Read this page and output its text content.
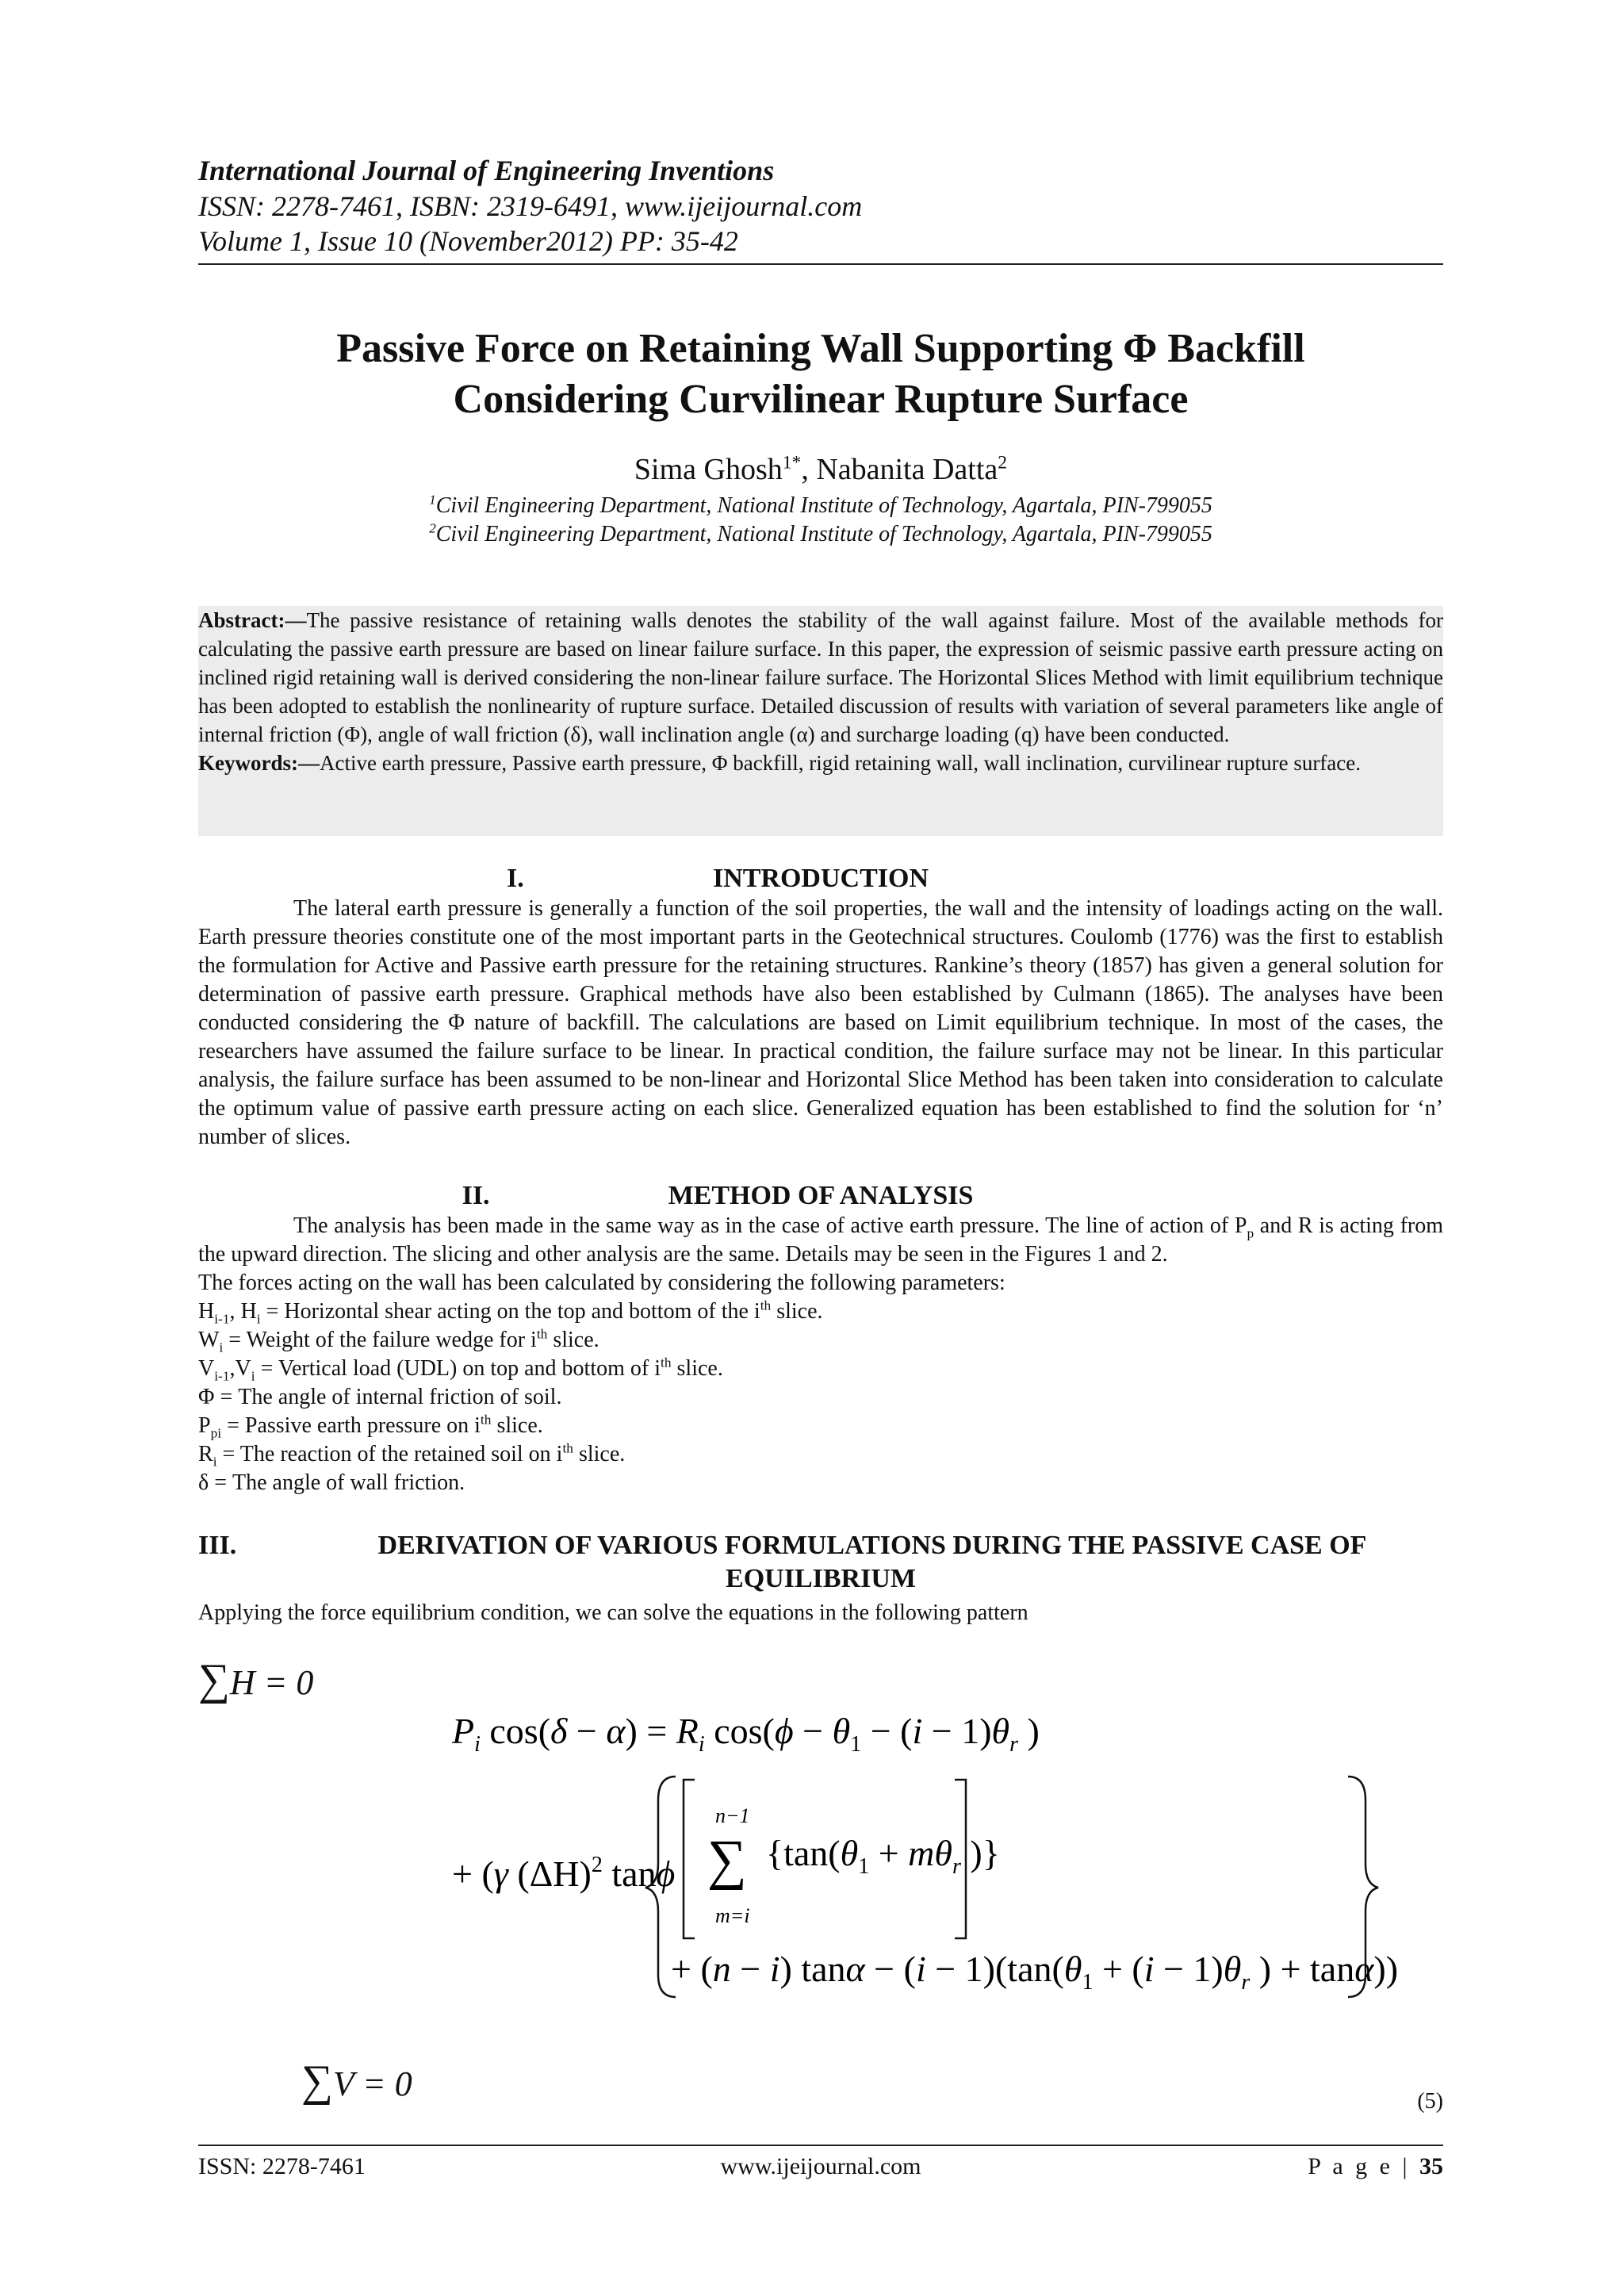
International Journal of Engineering Inventions
ISSN: 2278-7461, ISBN: 2319-6491, www.ijeijournal.com
Volume 1, Issue 10 (November2012) PP: 35-42
Passive Force on Retaining Wall Supporting Φ Backfill
Considering Curvilinear Rupture Surface
Sima Ghosh$^{1*}$, Nabanita Datta$^2$
$^1$Civil Engineering Department, National Institute of Technology, Agartala, PIN-799055
$^2$Civil Engineering Department, National Institute of Technology, Agartala, PIN-799055
Abstract:—The passive resistance of retaining walls denotes the stability of the wall against failure. Most of the available methods for calculating the passive earth pressure are based on linear failure surface. In this paper, the expression of seismic passive earth pressure acting on inclined rigid retaining wall is derived considering the non-linear failure surface. The Horizontal Slices Method with limit equilibrium technique has been adopted to establish the nonlinearity of rupture surface. Detailed discussion of results with variation of several parameters like angle of internal friction (Φ), angle of wall friction (δ), wall inclination angle (α) and surcharge loading (q) have been conducted.
Keywords:—Active earth pressure, Passive earth pressure, Φ backfill, rigid retaining wall, wall inclination, curvilinear rupture surface.
I.	INTRODUCTION
The lateral earth pressure is generally a function of the soil properties, the wall and the intensity of loadings acting on the wall. Earth pressure theories constitute one of the most important parts in the Geotechnical structures. Coulomb (1776) was the first to establish the formulation for Active and Passive earth pressure for the retaining structures. Rankine’s theory (1857) has given a general solution for determination of passive earth pressure. Graphical methods have also been established by Culmann (1865). The analyses have been conducted considering the Φ nature of backfill. The calculations are based on Limit equilibrium technique. In most of the cases, the researchers have assumed the failure surface to be linear. In practical condition, the failure surface may not be linear. In this particular analysis, the failure surface has been assumed to be non-linear and Horizontal Slice Method has been taken into consideration to calculate the optimum value of passive earth pressure acting on each slice. Generalized equation has been established to find the solution for ‘n’ number of slices.
II.	METHOD OF ANALYSIS
The analysis has been made in the same way as in the case of active earth pressure. The line of action of $P_p$ and R is acting from the upward direction. The slicing and other analysis are the same. Details may be seen in the Figures 1 and 2.
The forces acting on the wall has been calculated by considering the following parameters:
$H_{i-1}$, $H_i$ = Horizontal shear acting on the top and bottom of the $i^{th}$ slice.
$W_i$ = Weight of the failure wedge for $i^{th}$ slice.
$V_{i-1},V_i$ = Vertical load (UDL) on top and bottom of $i^{th}$ slice.
Φ = The angle of internal friction of soil.
$P_{pi}$ = Passive earth pressure on $i^{th}$ slice.
$R_i$ = The reaction of the retained soil on $i^{th}$ slice.
δ = The angle of wall friction.
III.	DERIVATION OF VARIOUS FORMULATIONS DURING THE PASSIVE CASE OF
EQUILIBRIUM
Applying the force equilibrium condition, we can solve the equations in the following pattern
∑H = 0
$P_i$ $\cos(\delta - \alpha) = R_i$ $\cos(\phi - \theta_1 - (i - 1)\theta_r$ )
+ (γ $(\Delta H)^2$ tanϕ
n−1
∑
m=i
{$\tan(\theta_1 + m\theta_r$ )}
+ (n − i) $\tan\alpha - (i - 1)(\tan(\theta_1 + (i - 1)\theta_r$ ) + tanα))
∑V = 0	(5)
ISSN: 2278-7461	www.ijeijournal.com	P a g e | 35
